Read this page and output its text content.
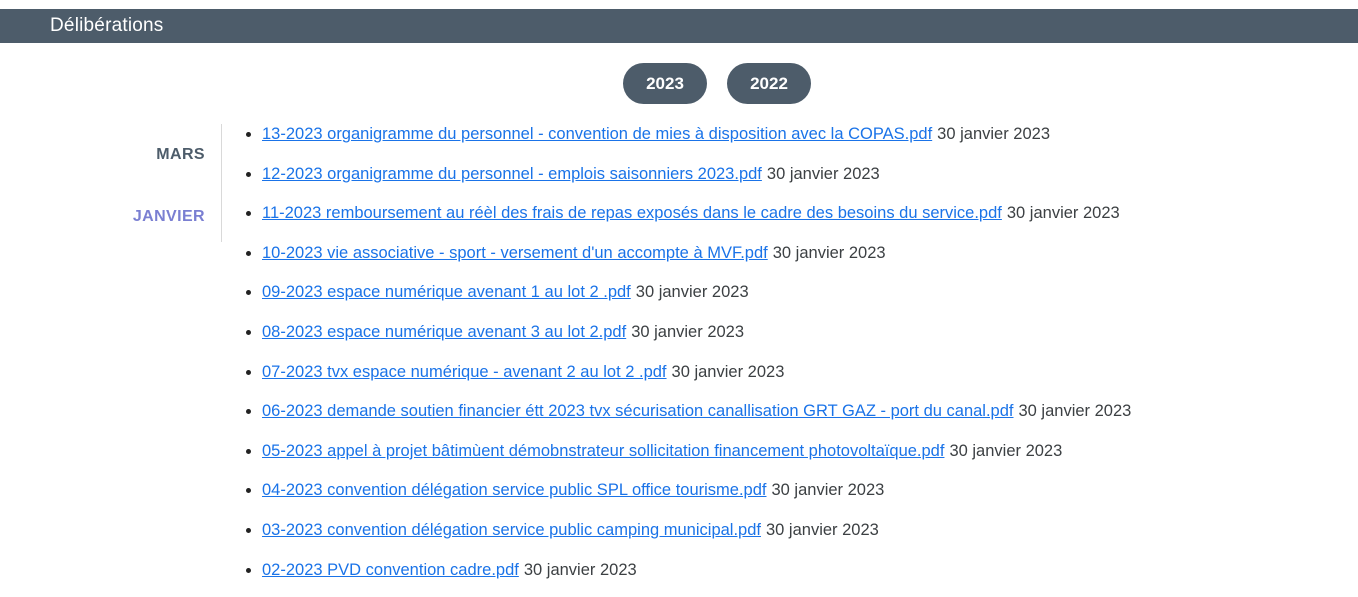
Délibérations
2023	2022
MARS
JANVIER
• 13-2023 organigramme du personnel - convention de mies à disposition avec la COPAS.pdf 30 janvier 2023
• 12-2023 organigramme du personnel - emplois saisonniers 2023.pdf 30 janvier 2023
• 11-2023 remboursement au réèl des frais de repas exposés dans le cadre des besoins du service.pdf 30 janvier 2023
• 10-2023 vie associative - sport - versement d'un accompte à MVF.pdf 30 janvier 2023
• 09-2023 espace numérique avenant 1 au lot 2 .pdf 30 janvier 2023
• 08-2023 espace numérique avenant 3 au lot 2.pdf 30 janvier 2023
• 07-2023 tvx espace numérique - avenant 2 au lot 2 .pdf 30 janvier 2023
• 06-2023 demande soutien financier étt 2023 tvx sécurisation canallisation GRT GAZ - port du canal.pdf 30 janvier 2023
• 05-2023 appel à projet bâtimùent démobnstrateur sollicitation financement photovoltaïque.pdf 30 janvier 2023
• 04-2023 convention délégation service public SPL office tourisme.pdf 30 janvier 2023
• 03-2023 convention délégation service public camping municipal.pdf 30 janvier 2023
• 02-2023 PVD convention cadre.pdf 30 janvier 2023
